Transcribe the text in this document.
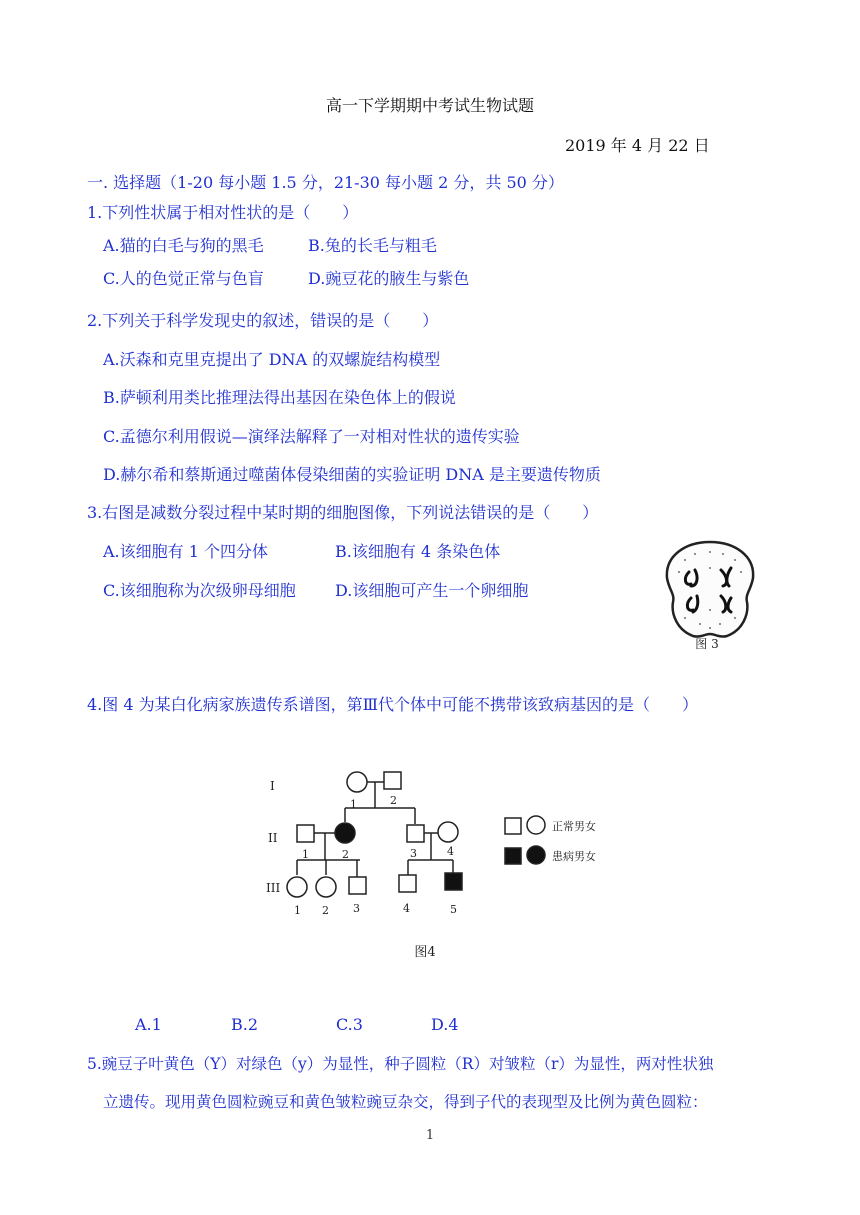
高一下学期期中考试生物试题
2019 年 4 月 22 日
一. 选择题（1-20 每小题 1.5 分，21-30 每小题 2 分，共 50 分）
1.下列性状属于相对性状的是（　　）
A.猫的白毛与狗的黑毛	B.兔的长毛与粗毛
C.人的色觉正常与色盲	D.豌豆花的腋生与紫色
2.下列关于科学发现史的叙述，错误的是（　　）
A.沃森和克里克提出了 DNA 的双螺旋结构模型
B.萨顿利用类比推理法得出基因在染色体上的假说
C.孟德尔利用假说—演绎法解释了一对相对性状的遗传实验
D.赫尔希和蔡斯通过噬菌体侵染细菌的实验证明 DNA 是主要遗传物质
3.右图是减数分裂过程中某时期的细胞图像，下列说法错误的是（　　）
A.该细胞有 1 个四分体	B.该细胞有 4 条染色体
C.该细胞称为次级卵母细胞 D.该细胞可产生一个卵细胞
图 3
4.图 4 为某白化病家族遗传系谱图，第Ⅲ代个体中可能不携带该致病基因的是（　　）
I
II
III
1	2
1	2	3	4
1 2 3	4	5
正常男女
患病男女
图4
A.1	B.2	C.3	D.4
5.豌豆子叶黄色（Y）对绿色（y）为显性，种子圆粒（R）对皱粒（r）为显性，两对性状独
立遗传。现用黄色圆粒豌豆和黄色皱粒豌豆杂交，得到子代的表现型及比例为黄色圆粒：
1
